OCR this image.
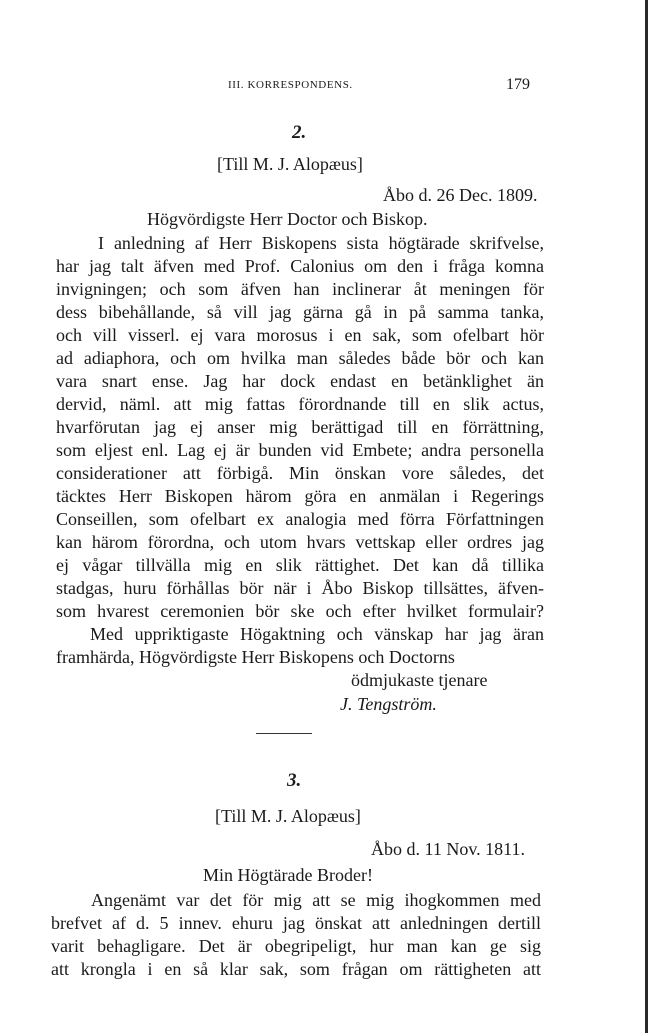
III. KORRESPONDENS.	179
2.
[Till M. J. Alopæus]
Åbo d. 26 Dec. 1809.
Högvördigste Herr Doctor och Biskop.
I anledning af Herr Biskopens sista högtärade skrifvelse,
har jag talt äfven med Prof. Calonius om den i fråga komna
invigningen; och som äfven han inclinerar åt meningen för
dess bibehållande, så vill jag gärna gå in på samma tanka,
och vill visserl. ej vara morosus i en sak, som ofelbart hör
ad adiaphora, och om hvilka man således både bör och kan
vara snart ense. Jag har dock endast en betänklighet än
dervid, näml. att mig fattas förordnande till en slik actus,
hvarförutan jag ej anser mig berättigad till en förrättning,
som eljest enl. Lag ej är bunden vid Embete; andra personella
considerationer att förbigå. Min önskan vore således, det
täcktes Herr Biskopen härom göra en anmälan i Regerings
Conseillen, som ofelbart ex analogia med förra Författningen
kan härom förordna, och utom hvars vettskap eller ordres jag
ej vågar tillvälla mig en slik rättighet. Det kan då tillika
stadgas, huru förhållas bör när i Åbo Biskop tillsättes, äfven-
som hvarest ceremonien bör ske och efter hvilket formulair?
Med uppriktigaste Högaktning och vänskap har jag äran
framhärda, Högvördigste Herr Biskopens och Doctorns
ödmjukaste tjenare
J. Tengström.
3.
[Till M. J. Alopæus]
Åbo d. 11 Nov. 1811.
Min Högtärade Broder!
Angenämt var det för mig att se mig ihogkommen med
brefvet af d. 5 innev. ehuru jag önskat att anledningen dertill
varit behagligare. Det är obegripeligt, hur man kan ge sig
att krongla i en så klar sak, som frågan om rättigheten att
